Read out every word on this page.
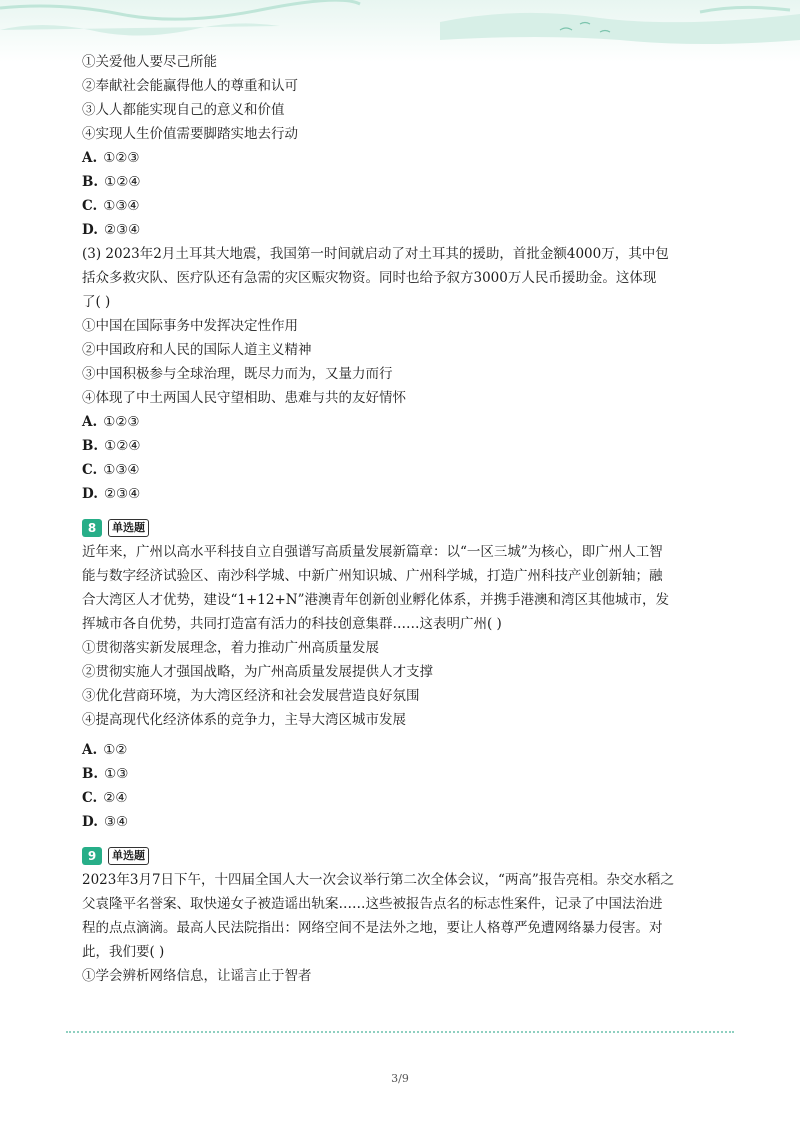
①关爱他人要尽己所能
②奉献社会能赢得他人的尊重和认可
③人人都能实现自己的意义和价值
④实现人生价值需要脚踏实地去行动
A. ①②③
B. ①②④
C. ①③④
D. ②③④
(3) 2023年2月土耳其大地震，我国第一时间就启动了对土耳其的援助，首批金额4000万，其中包
括众多救灾队、医疗队还有急需的灾区赈灾物资。同时也给予叙方3000万人民币援助金。这体现
了( )
①中国在国际事务中发挥决定性作用
②中国政府和人民的国际人道主义精神
③中国积极参与全球治理，既尽力而为，又量力而行
④体现了中土两国人民守望相助、患难与共的友好情怀
A. ①②③
B. ①②④
C. ①③④
D. ②③④
8	单选题
近年来，广州以高水平科技自立自强谱写高质量发展新篇章：以“一区三城”为核心，即广州人工智
能与数字经济试验区、南沙科学城、中新广州知识城、广州科学城，打造广州科技产业创新轴；融
合大湾区人才优势，建设“1+12+N”港澳青年创新创业孵化体系，并携手港澳和湾区其他城市，发
挥城市各自优势，共同打造富有活力的科技创意集群……这表明广州( )
①贯彻落实新发展理念，着力推动广州高质量发展
②贯彻实施人才强国战略，为广州高质量发展提供人才支撑
③优化营商环境，为大湾区经济和社会发展营造良好氛围
④提高现代化经济体系的竞争力，主导大湾区城市发展
A. ①②
B. ①③
C. ②④
D. ③④
9	单选题
2023年3月7日下午，十四届全国人大一次会议举行第二次全体会议，“两高”报告亮相。杂交水稻之
父袁隆平名誉案、取快递女子被造谣出轨案……这些被报告点名的标志性案件，记录了中国法治进
程的点点滴滴。最高人民法院指出：网络空间不是法外之地，要让人格尊严免遭网络暴力侵害。对
此，我们要( )
①学会辨析网络信息，让谣言止于智者
3/9
